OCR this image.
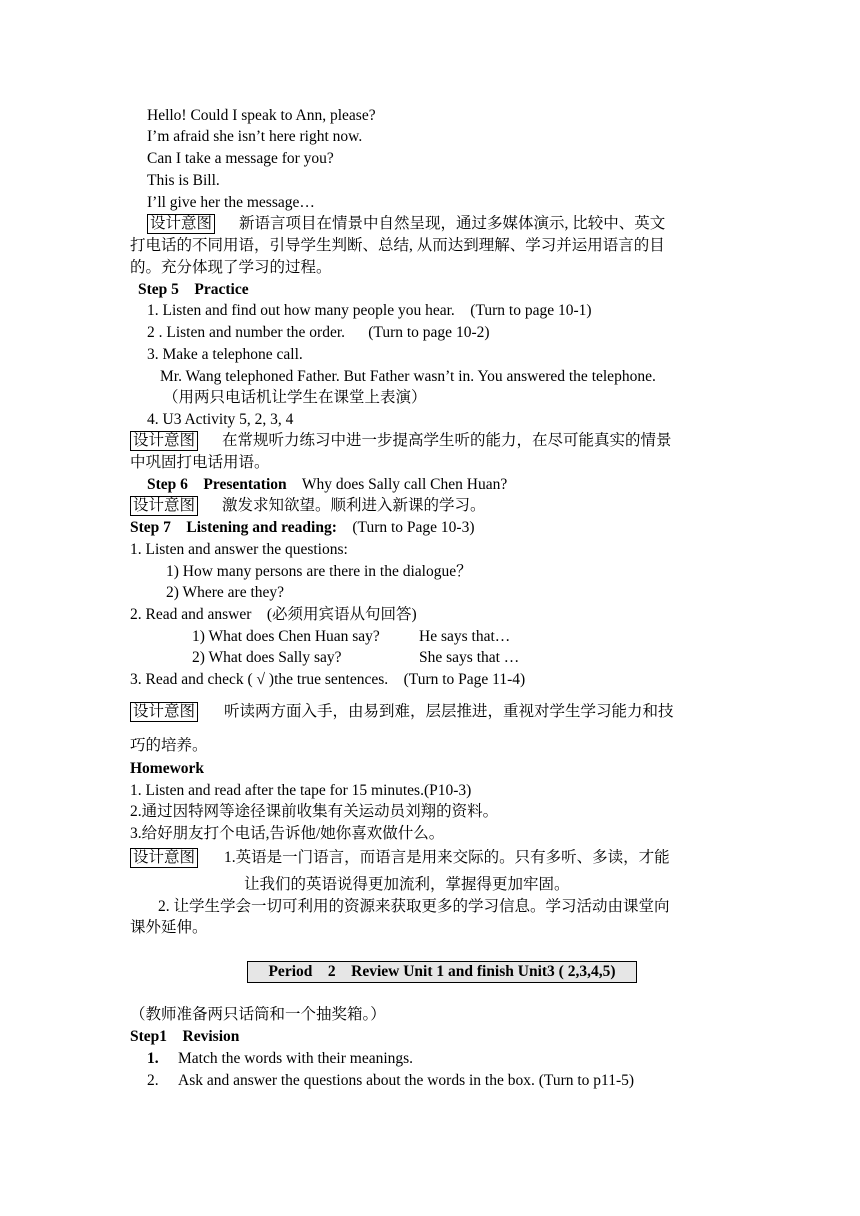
Hello! Could I speak to Ann, please?
I’m afraid she isn’t here right now.
Can I take a message for you?
This is Bill.
I’ll give her the message…
设计意图 新语言项目在情景中自然呈现，通过多媒体演示, 比较中、英文
打电话的不同用语，引导学生判断、总结, 从而达到理解、学习并运用语言的目
的。充分体现了学习的过程。
Step 5    Practice
1. Listen and find out how many people you hear.    (Turn to page 10-1)
2 . Listen and number the order.      (Turn to page 10-2)
3. Make a telephone call.
Mr. Wang telephoned Father. But Father wasn’t in. You answered the telephone.
（用两只电话机让学生在课堂上表演）
4. U3 Activity 5, 2, 3, 4
设计意图 在常规听力练习中进一步提高学生听的能力，在尽可能真实的情景
中巩固打电话用语。
Step 6    Presentation Why does Sally call Chen Huan?
设计意图 激发求知欲望。顺利进入新课的学习。
Step 7    Listening and reading: (Turn to Page 10-3)
1. Listen and answer the questions:
1) How many persons are there in the dialogue？
2) Where are they?
2. Read and answer    (必须用宾语从句回答)
1) What does Chen Huan say?	He says that…
2) What does Sally say?	She says that …
3. Read and check ( √ )the true sentences.    (Turn to Page 11-4)
设计意图 听读两方面入手，由易到难，层层推进，重视对学生学习能力和技
巧的培养。
Homework
1. Listen and read after the tape for 15 minutes.(P10-3)
2.通过因特网等途径课前收集有关运动员刘翔的资料。
3.给好朋友打个电话,告诉他/她你喜欢做什么。
设计意图 1.英语是一门语言，而语言是用来交际的。只有多听、多读，才能
让我们的英语说得更加流利，掌握得更加牢固。
2. 让学生学会一切可利用的资源来获取更多的学习信息。学习活动由课堂向
课外延伸。
Period    2    Review Unit 1 and finish Unit3 ( 2,3,4,5)
（教师准备两只话筒和一个抽奖箱。）
Step1    Revision
1. Match the words with their meanings.
2. Ask and answer the questions about the words in the box. (Turn to p11-5)
